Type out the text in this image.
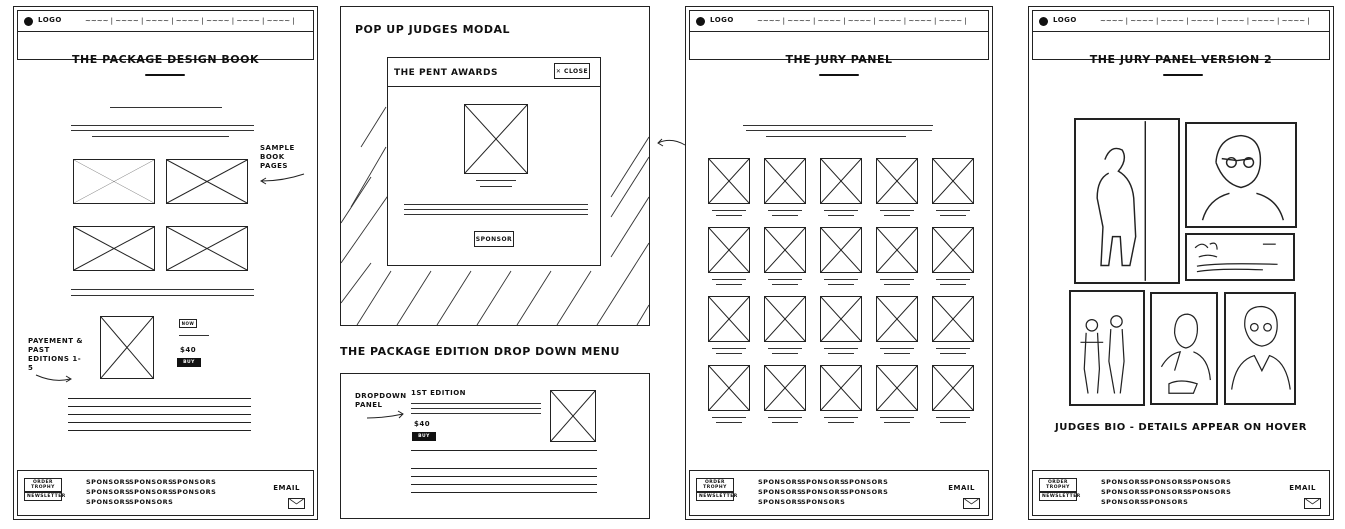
LOGO	~~~~ | ~~~~ | ~~~~ | ~~~~ | ~~~~ | ~~~~ | ~~~~ |
THE PACKAGE DESIGN BOOK
SAMPLE BOOK PAGES
NOW
$40
BUY NOW
PAYEMENT & PAST EDITIONS 1-5
ORDER TROPHY
NEWSLETTER
SPONSORS
SPONSORS
SPONSORS
SPONSORS
SPONSORS
SPONSORS
SPONSORS
SPONSORS
EMAIL
POP UP JUDGES MODAL
THE PENT AWARDS	✕ CLOSE
SPONSOR
THE PACKAGE EDITION DROP DOWN MENU
DROPDOWN PANEL
1ST EDITION
$40
BUY NOW
LOGO	~~~~ | ~~~~ | ~~~~ | ~~~~ | ~~~~ | ~~~~ | ~~~~ |
THE JURY PANEL
ORDER TROPHY
NEWSLETTER
SPONSORS
SPONSORS
SPONSORS
SPONSORS
SPONSORS
SPONSORS
SPONSORS
SPONSORS
EMAIL
LOGO	~~~~ | ~~~~ | ~~~~ | ~~~~ | ~~~~ | ~~~~ | ~~~~ |
THE JURY PANEL VERSION 2
JUDGES BIO - DETAILS APPEAR ON HOVER
ORDER TROPHY
NEWSLETTER
SPONSORS
SPONSORS
SPONSORS
SPONSORS
SPONSORS
SPONSORS
SPONSORS
SPONSORS
EMAIL
